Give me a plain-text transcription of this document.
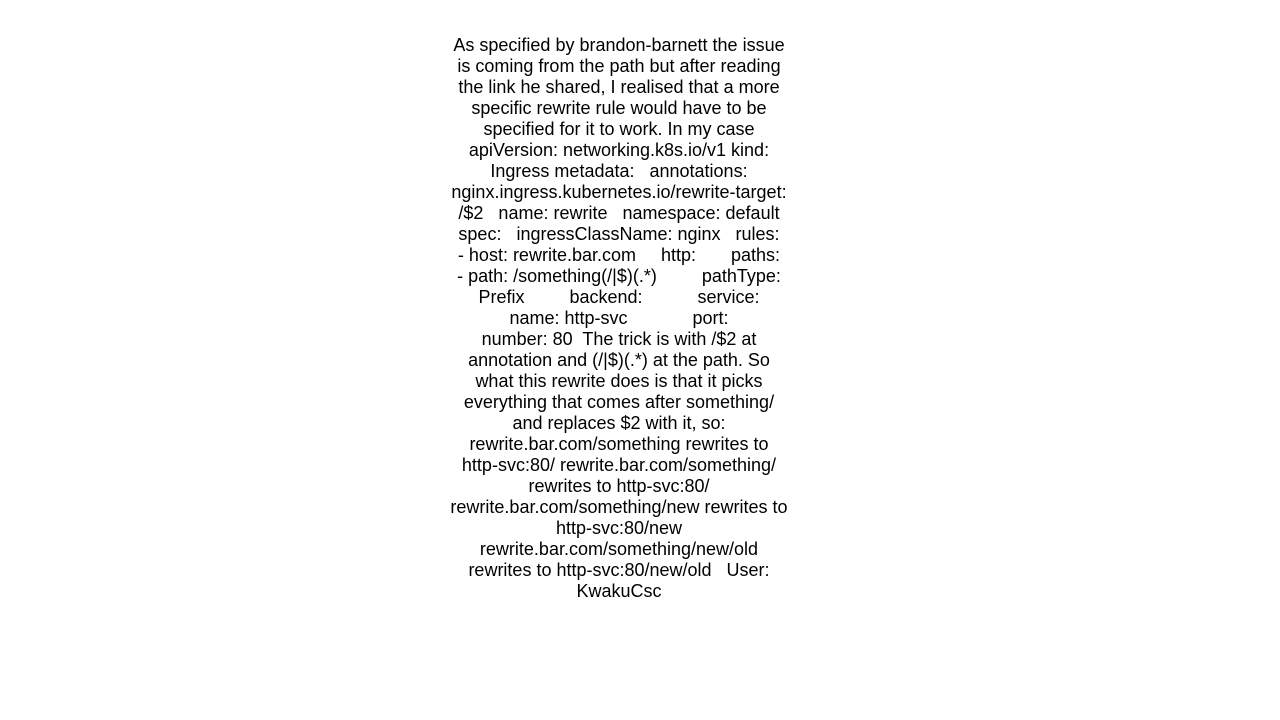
As specified by brandon-barnett the issue is coming from the path but after reading the link he shared, I realised that a more specific rewrite rule would have to be specified for it to work. In my case apiVersion: networking.k8s.io/v1 kind: Ingress metadata:   annotations:     nginx.ingress.kubernetes.io/rewrite-target: /$2   name: rewrite   namespace: default spec:   ingressClassName: nginx   rules:   - host: rewrite.bar.com     http:       paths:       - path: /something(/|$)(.*)         pathType: Prefix         backend:           service:             name: http-svc             port:               number: 80  The trick is with /$2 at annotation and (/|$)(.*) at the path. So what this rewrite does is that it picks everything that comes after something/ and replaces $2 with it, so: rewrite.bar.com/something rewrites to http-svc:80/ rewrite.bar.com/something/ rewrites to http-svc:80/ rewrite.bar.com/something/new rewrites to http-svc:80/new rewrite.bar.com/something/new/old rewrites to http-svc:80/new/old   User: KwakuCsc
